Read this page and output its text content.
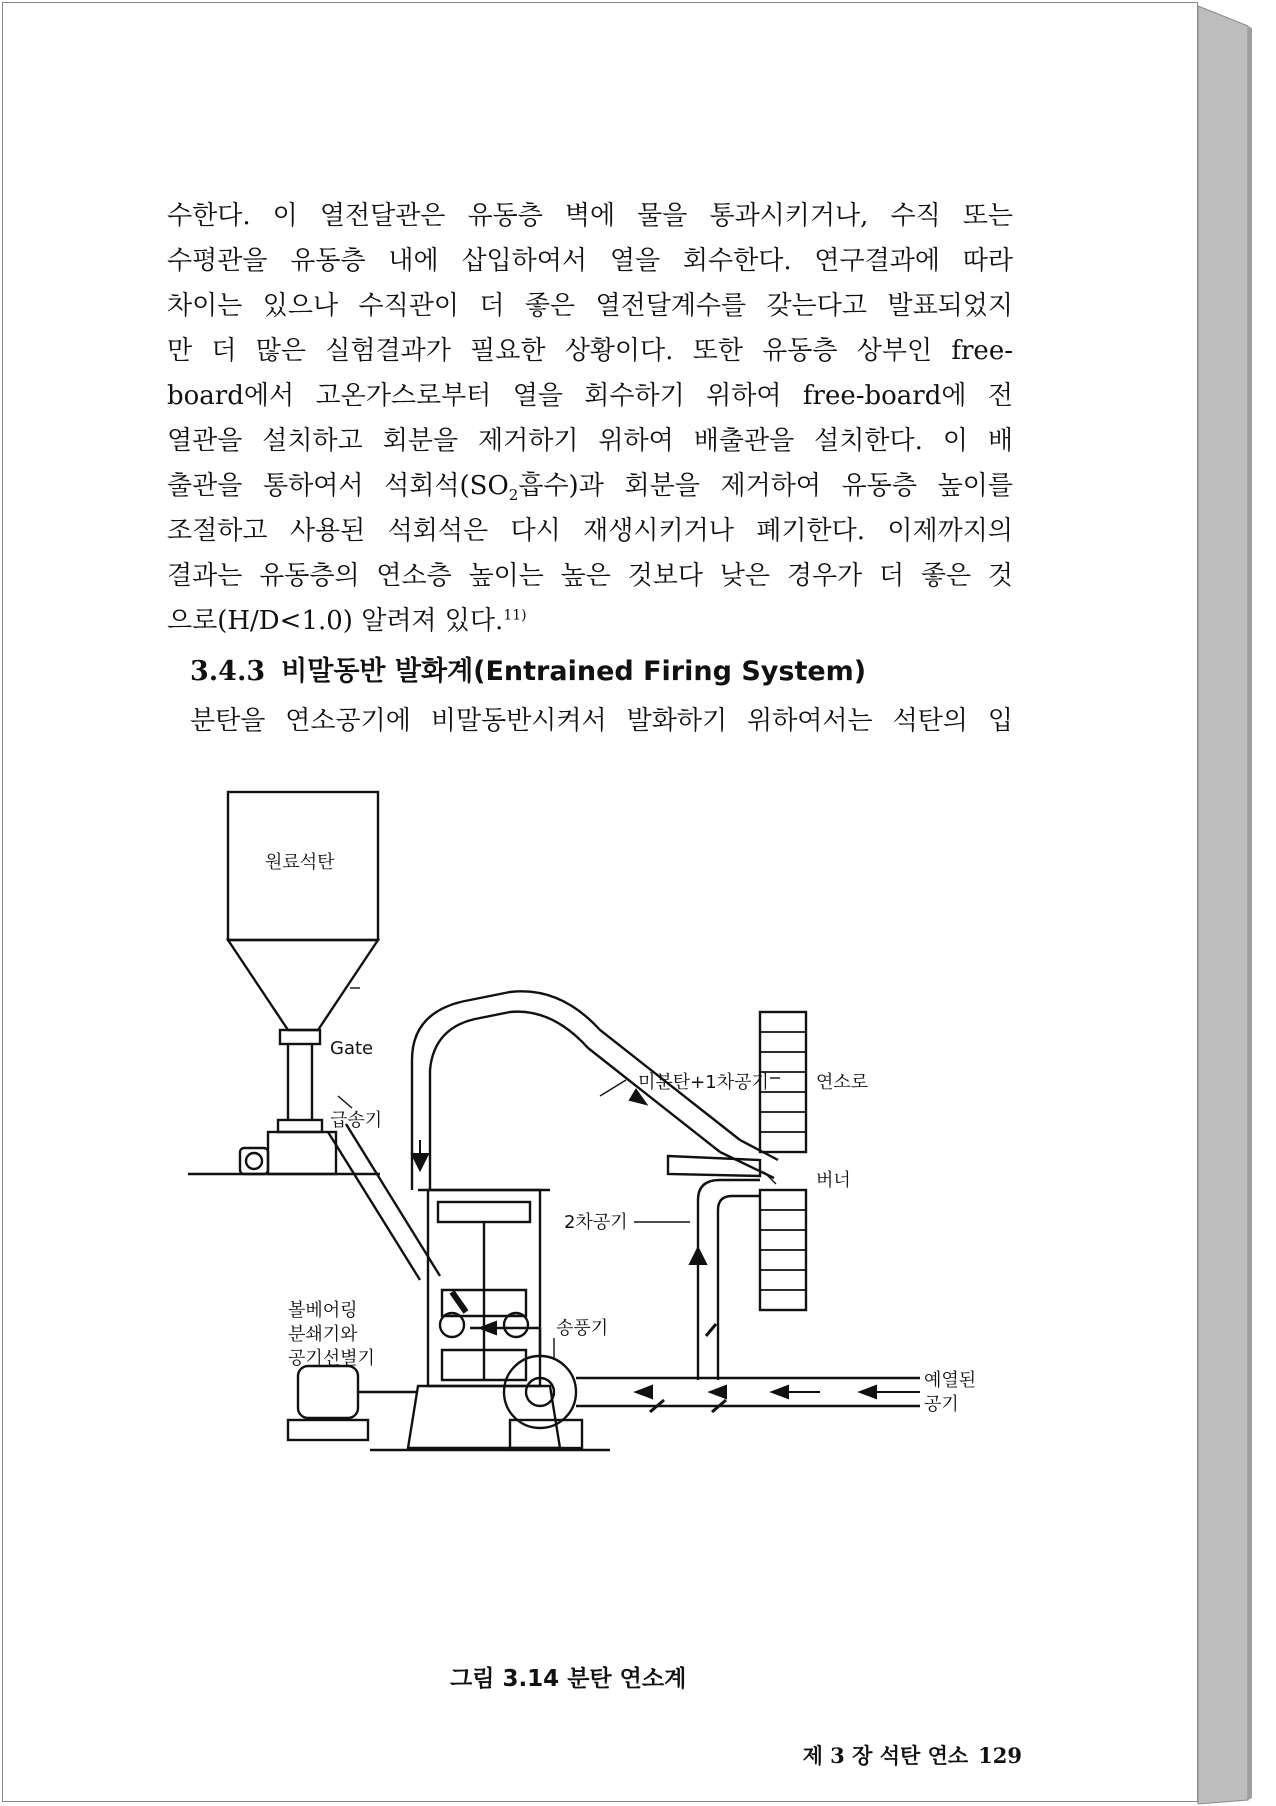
수한다. 이 열전달관은 유동층 벽에 물을 통과시키거나, 수직 또는
수평관을 유동층 내에 삽입하여서 열을 회수한다. 연구결과에 따라
차이는 있으나 수직관이 더 좋은 열전달계수를 갖는다고 발표되었지
만 더 많은 실험결과가 필요한 상황이다. 또한 유동층 상부인 free-
board에서 고온가스로부터 열을 회수하기 위하여 free-board에 전
열관을 설치하고 회분을 제거하기 위하여 배출관을 설치한다. 이 배
출관을 통하여서 석회석($SO_2$흡수)과 회분을 제거하여 유동층 높이를
조절하고 사용된 석회석은 다시 재생시키거나 폐기한다. 이제까지의
결과는 유동층의 연소층 높이는 높은 것보다 낮은 경우가 더 좋은 것
으로(H/D<1.0) 알려져 있다.$^{11)}$
3.4.3 비말동반 발화계(Entrained Firing System)
분탄을 연소공기에 비말동반시켜서 발화하기 위하여서는 석탄의 입
원료석탄
Gate
급송기
미분탄+1차공기	연소로
버너
볼베어링
분쇄기와
공기선별기
2차공기
송풍기
예열된
공기
그림 3.14 분탄 연소계
제 3 장 석탄 연소 129
